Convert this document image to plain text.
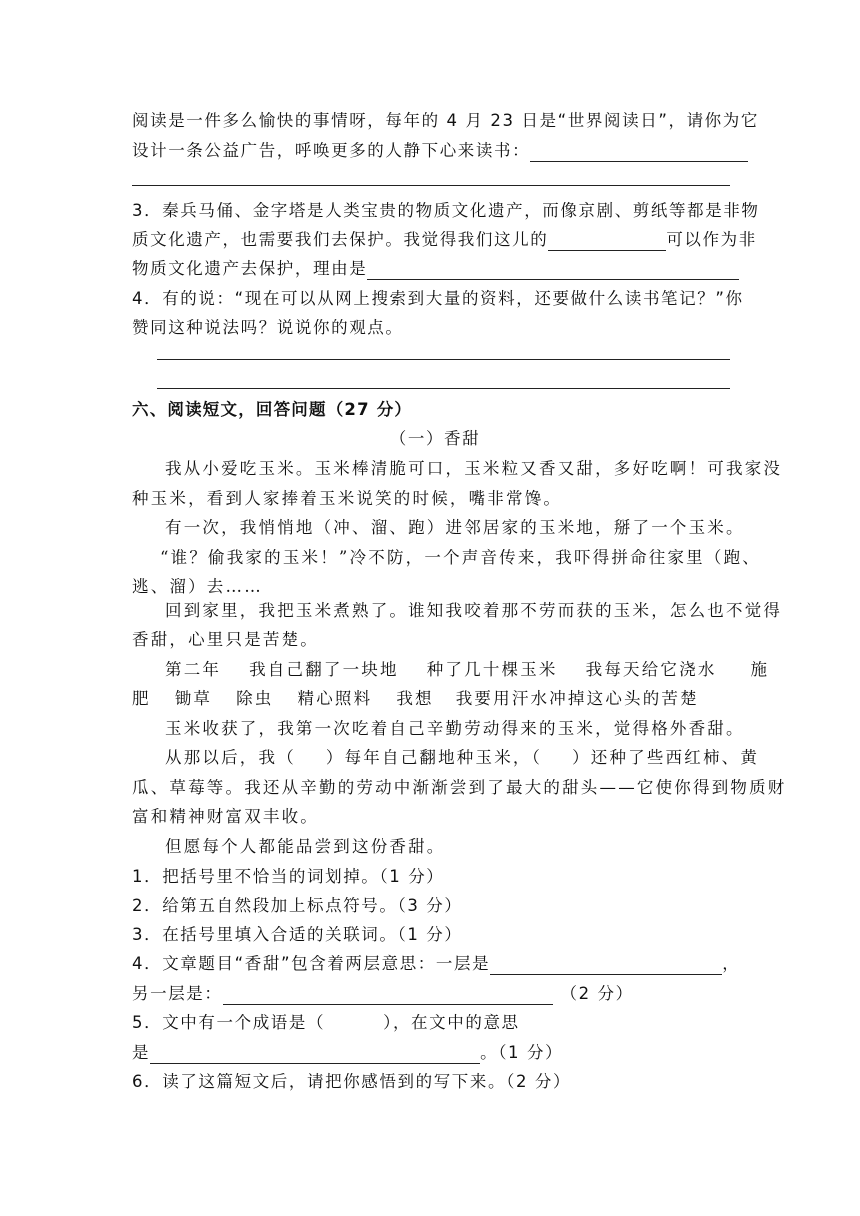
阅读是一件多么愉快的事情呀，每年的 4 月 23 日是“世界阅读日”，请你为它
设计一条公益广告，呼唤更多的人静下心来读书：
3．秦兵马俑、金字塔是人类宝贵的物质文化遗产，而像京剧、剪纸等都是非物
质文化遗产，也需要我们去保护。我觉得我们这儿的	可以作为非
物质文化遗产去保护，理由是
4．有的说：“现在可以从网上搜索到大量的资料，还要做什么读书笔记？”你
赞同这种说法吗？说说你的观点。
六、阅读短文，回答问题（27 分）
（一）香甜
我从小爱吃玉米。玉米棒清脆可口，玉米粒又香又甜，多好吃啊！可我家没
种玉米，看到人家捧着玉米说笑的时候，嘴非常馋。
有一次，我悄悄地（冲、溜、跑）进邻居家的玉米地，掰了一个玉米。
“谁？偷我家的玉米！”冷不防，一个声音传来，我吓得拼命往家里（跑、
逃、溜）去……
回到家里，我把玉米煮熟了。谁知我咬着那不劳而获的玉米，怎么也不觉得
香甜，心里只是苦楚。
第二年 我自己翻了一块地 种了几十棵玉米 我每天给它浇水 施
肥 锄草 除虫 精心照料 我想 我要用汗水冲掉这心头的苦楚
玉米收获了，我第一次吃着自己辛勤劳动得来的玉米，觉得格外香甜。
从那以后，我（ ）每年自己翻地种玉米，（ ）还种了些西红柿、黄
瓜、草莓等。我还从辛勤的劳动中渐渐尝到了最大的甜头——它使你得到物质财
富和精神财富双丰收。
但愿每个人都能品尝到这份香甜。
1．把括号里不恰当的词划掉。（1 分）
2．给第五自然段加上标点符号。（3 分）
3．在括号里填入合适的关联词。（1 分）
4．文章题目“香甜”包含着两层意思：一层是	，
另一层是：	（2 分）
5．文中有一个成语是（	），在文中的意思
是	。（1 分）
6．读了这篇短文后，请把你感悟到的写下来。（2 分）
